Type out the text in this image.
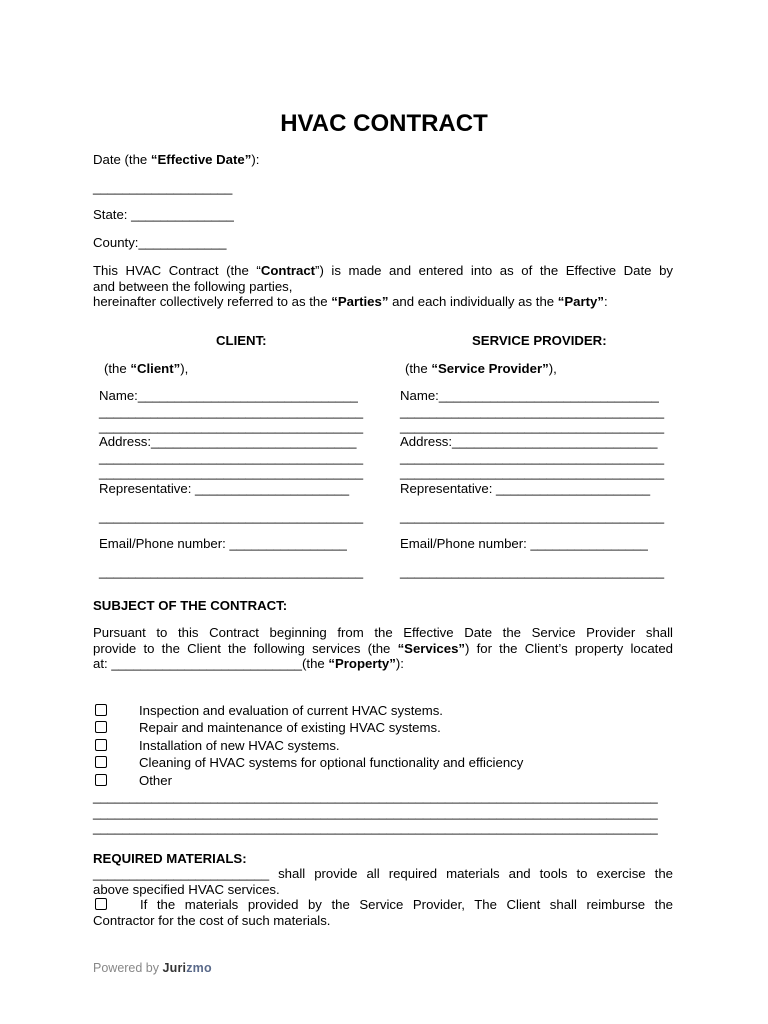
HVAC CONTRACT
Date (the “Effective Date”):
___________________
State: ______________
County:____________
This HVAC Contract (the “Contract”) is made and entered into as of the Effective Date by
and between the following parties,
hereinafter collectively referred to as the “Parties” and each individually as the “Party”:
CLIENT:
(the “Client”),
Name:______________________________
____________________________________
____________________________________
Address:____________________________
____________________________________
____________________________________
Representative: _____________________
____________________________________
Email/Phone number: ________________
____________________________________
SERVICE PROVIDER:
(the “Service Provider”),
Name:______________________________
____________________________________
____________________________________
Address:____________________________
____________________________________
____________________________________
Representative: _____________________
____________________________________
Email/Phone number: ________________
____________________________________
SUBJECT OF THE CONTRACT:
Pursuant to this Contract beginning from the Effective Date the Service Provider shall
provide to the Client the following services (the “Services”) for the Client’s property located
at: __________________________(the “Property”):
Inspection and evaluation of current HVAC systems.
Repair and maintenance of existing HVAC systems.
Installation of new HVAC systems.
Cleaning of HVAC systems for optional functionality and efficiency
Other
_____________________________________________________________________________
_____________________________________________________________________________
_____________________________________________________________________________
REQUIRED MATERIALS:
________________________ shall provide all required materials and tools to exercise the
above specified HVAC services.
If the materials provided by the Service Provider, The Client shall reimburse the
Contractor for the cost of such materials.
Powered by Jurizmo
